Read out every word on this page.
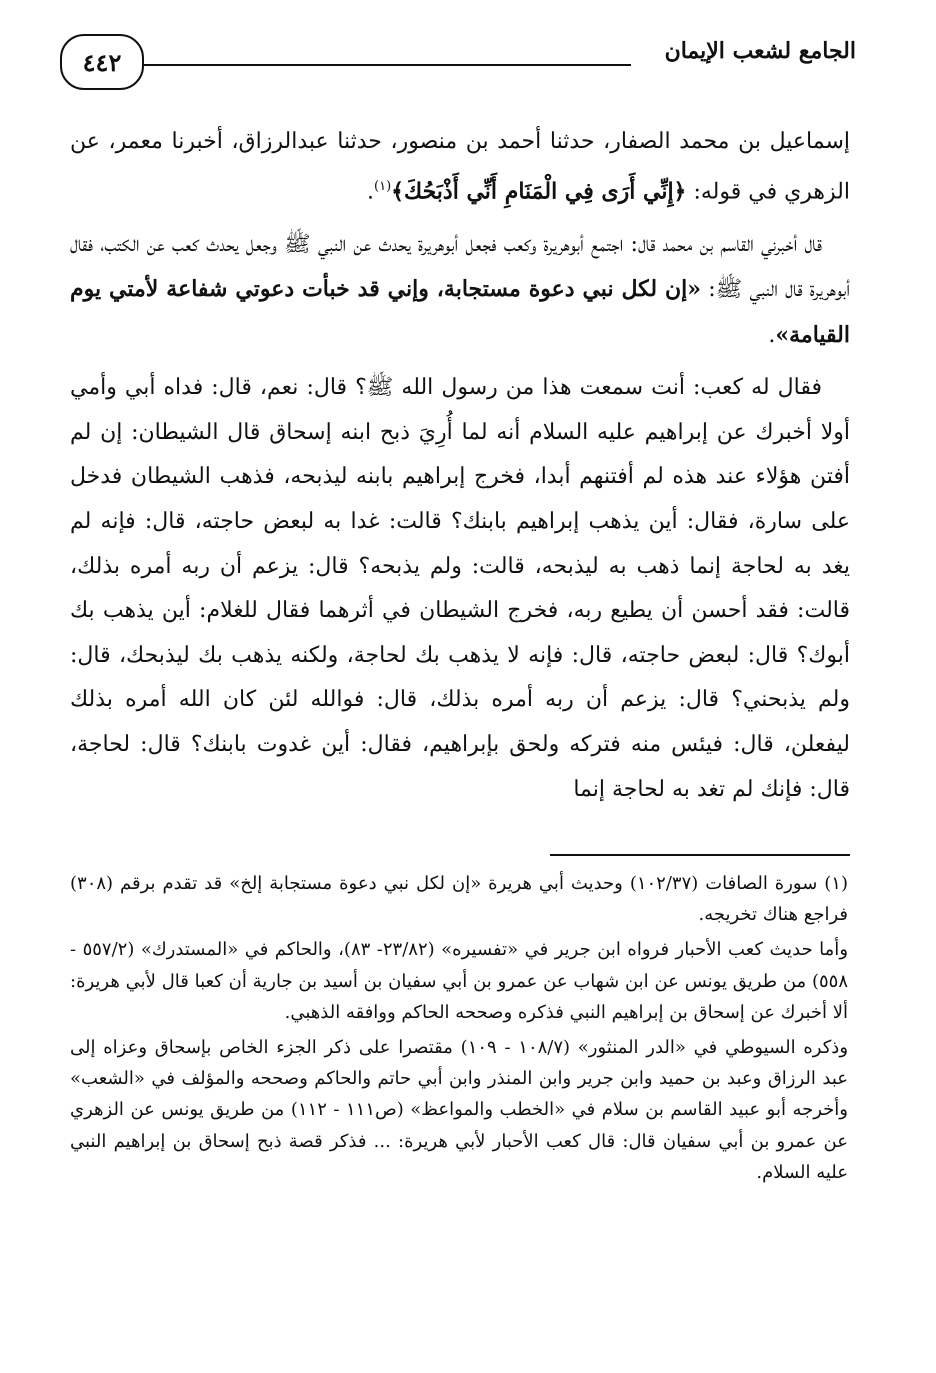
٤٤٢	الجامع لشعب الإيمان

إسماعيل بن محمد الصفار، حدثنا أحمد بن منصور، حدثنا عبدالرزاق، أخبرنا معمر، عن الزهري في قوله: ﴿إِنِّي أَرَى فِي الْمَنَامِ أَنِّي أَذْبَحُكَ﴾$^{(١)}$.

قال أخبرني القاسم بن محمد قال: اجتمع أبوهريرة وكعب فجعل أبوهريرة يحدث عن النبي ﷺ وجعل يحدث كعب عن الكتب، فقال أبوهريرة قال النبي ﷺ: «إن لكل نبي دعوة مستجابة، وإني قد خبأت دعوتي شفاعة لأمتي يوم القيامة».

فقال له كعب: أنت سمعت هذا من رسول الله ﷺ؟ قال: نعم، قال: فداه أبي وأمي أولا أخبرك عن إبراهيم عليه السلام أنه لما أُرِيَ ذبح ابنه إسحاق قال الشيطان: إن لم أفتن هؤلاء عند هذه لم أفتنهم أبدا، فخرج إبراهيم بابنه ليذبحه، فذهب الشيطان فدخل على سارة، فقال: أين يذهب إبراهيم بابنك؟ قالت: غدا به لبعض حاجته، قال: فإنه لم يغد به لحاجة إنما ذهب به ليذبحه، قالت: ولم يذبحه؟ قال: يزعم أن ربه أمره بذلك، قالت: فقد أحسن أن يطيع ربه، فخرج الشيطان في أثرهما فقال للغلام: أين يذهب بك أبوك؟ قال: لبعض حاجته، قال: فإنه لا يذهب بك لحاجة، ولكنه يذهب بك ليذبحك، قال: ولم يذبحني؟ قال: يزعم أن ربه أمره بذلك، قال: فوالله لئن كان الله أمره بذلك ليفعلن، قال: فيئس منه فتركه ولحق بإبراهيم، فقال: أين غدوت بابنك؟ قال: لحاجة، قال: فإنك لم تغد به لحاجة إنما

(١) سورة الصافات (١٠٢/٣٧) وحديث أبي هريرة «إن لكل نبي دعوة مستجابة إلخ» قد تقدم برقم (٣٠٨) فراجع هناك تخريجه.

وأما حديث كعب الأحبار فرواه ابن جرير في «تفسيره» (٢٣/٨٢- ٨٣)، والحاكم في «المستدرك» (٥٥٧/٢ - ٥٥٨) من طريق يونس عن ابن شهاب عن عمرو بن أبي سفيان بن أسيد بن جارية أن كعبا قال لأبي هريرة: ألا أخبرك عن إسحاق بن إبراهيم النبي فذكره وصححه الحاكم ووافقه الذهبي.

وذكره السيوطي في «الدر المنثور» (١٠٨/٧ - ١٠٩) مقتصرا على ذكر الجزء الخاص بإسحاق وعزاه إلى عبد الرزاق وعبد بن حميد وابن جرير وابن المنذر وابن أبي حاتم والحاكم وصححه والمؤلف في «الشعب» وأخرجه أبو عبيد القاسم بن سلام في «الخطب والمواعظ» (ص١١١ - ١١٢) من طريق يونس عن الزهري عن عمرو بن أبي سفيان قال: قال كعب الأحبار لأبي هريرة: ... فذكر قصة ذبح إسحاق بن إبراهيم النبي عليه السلام.
